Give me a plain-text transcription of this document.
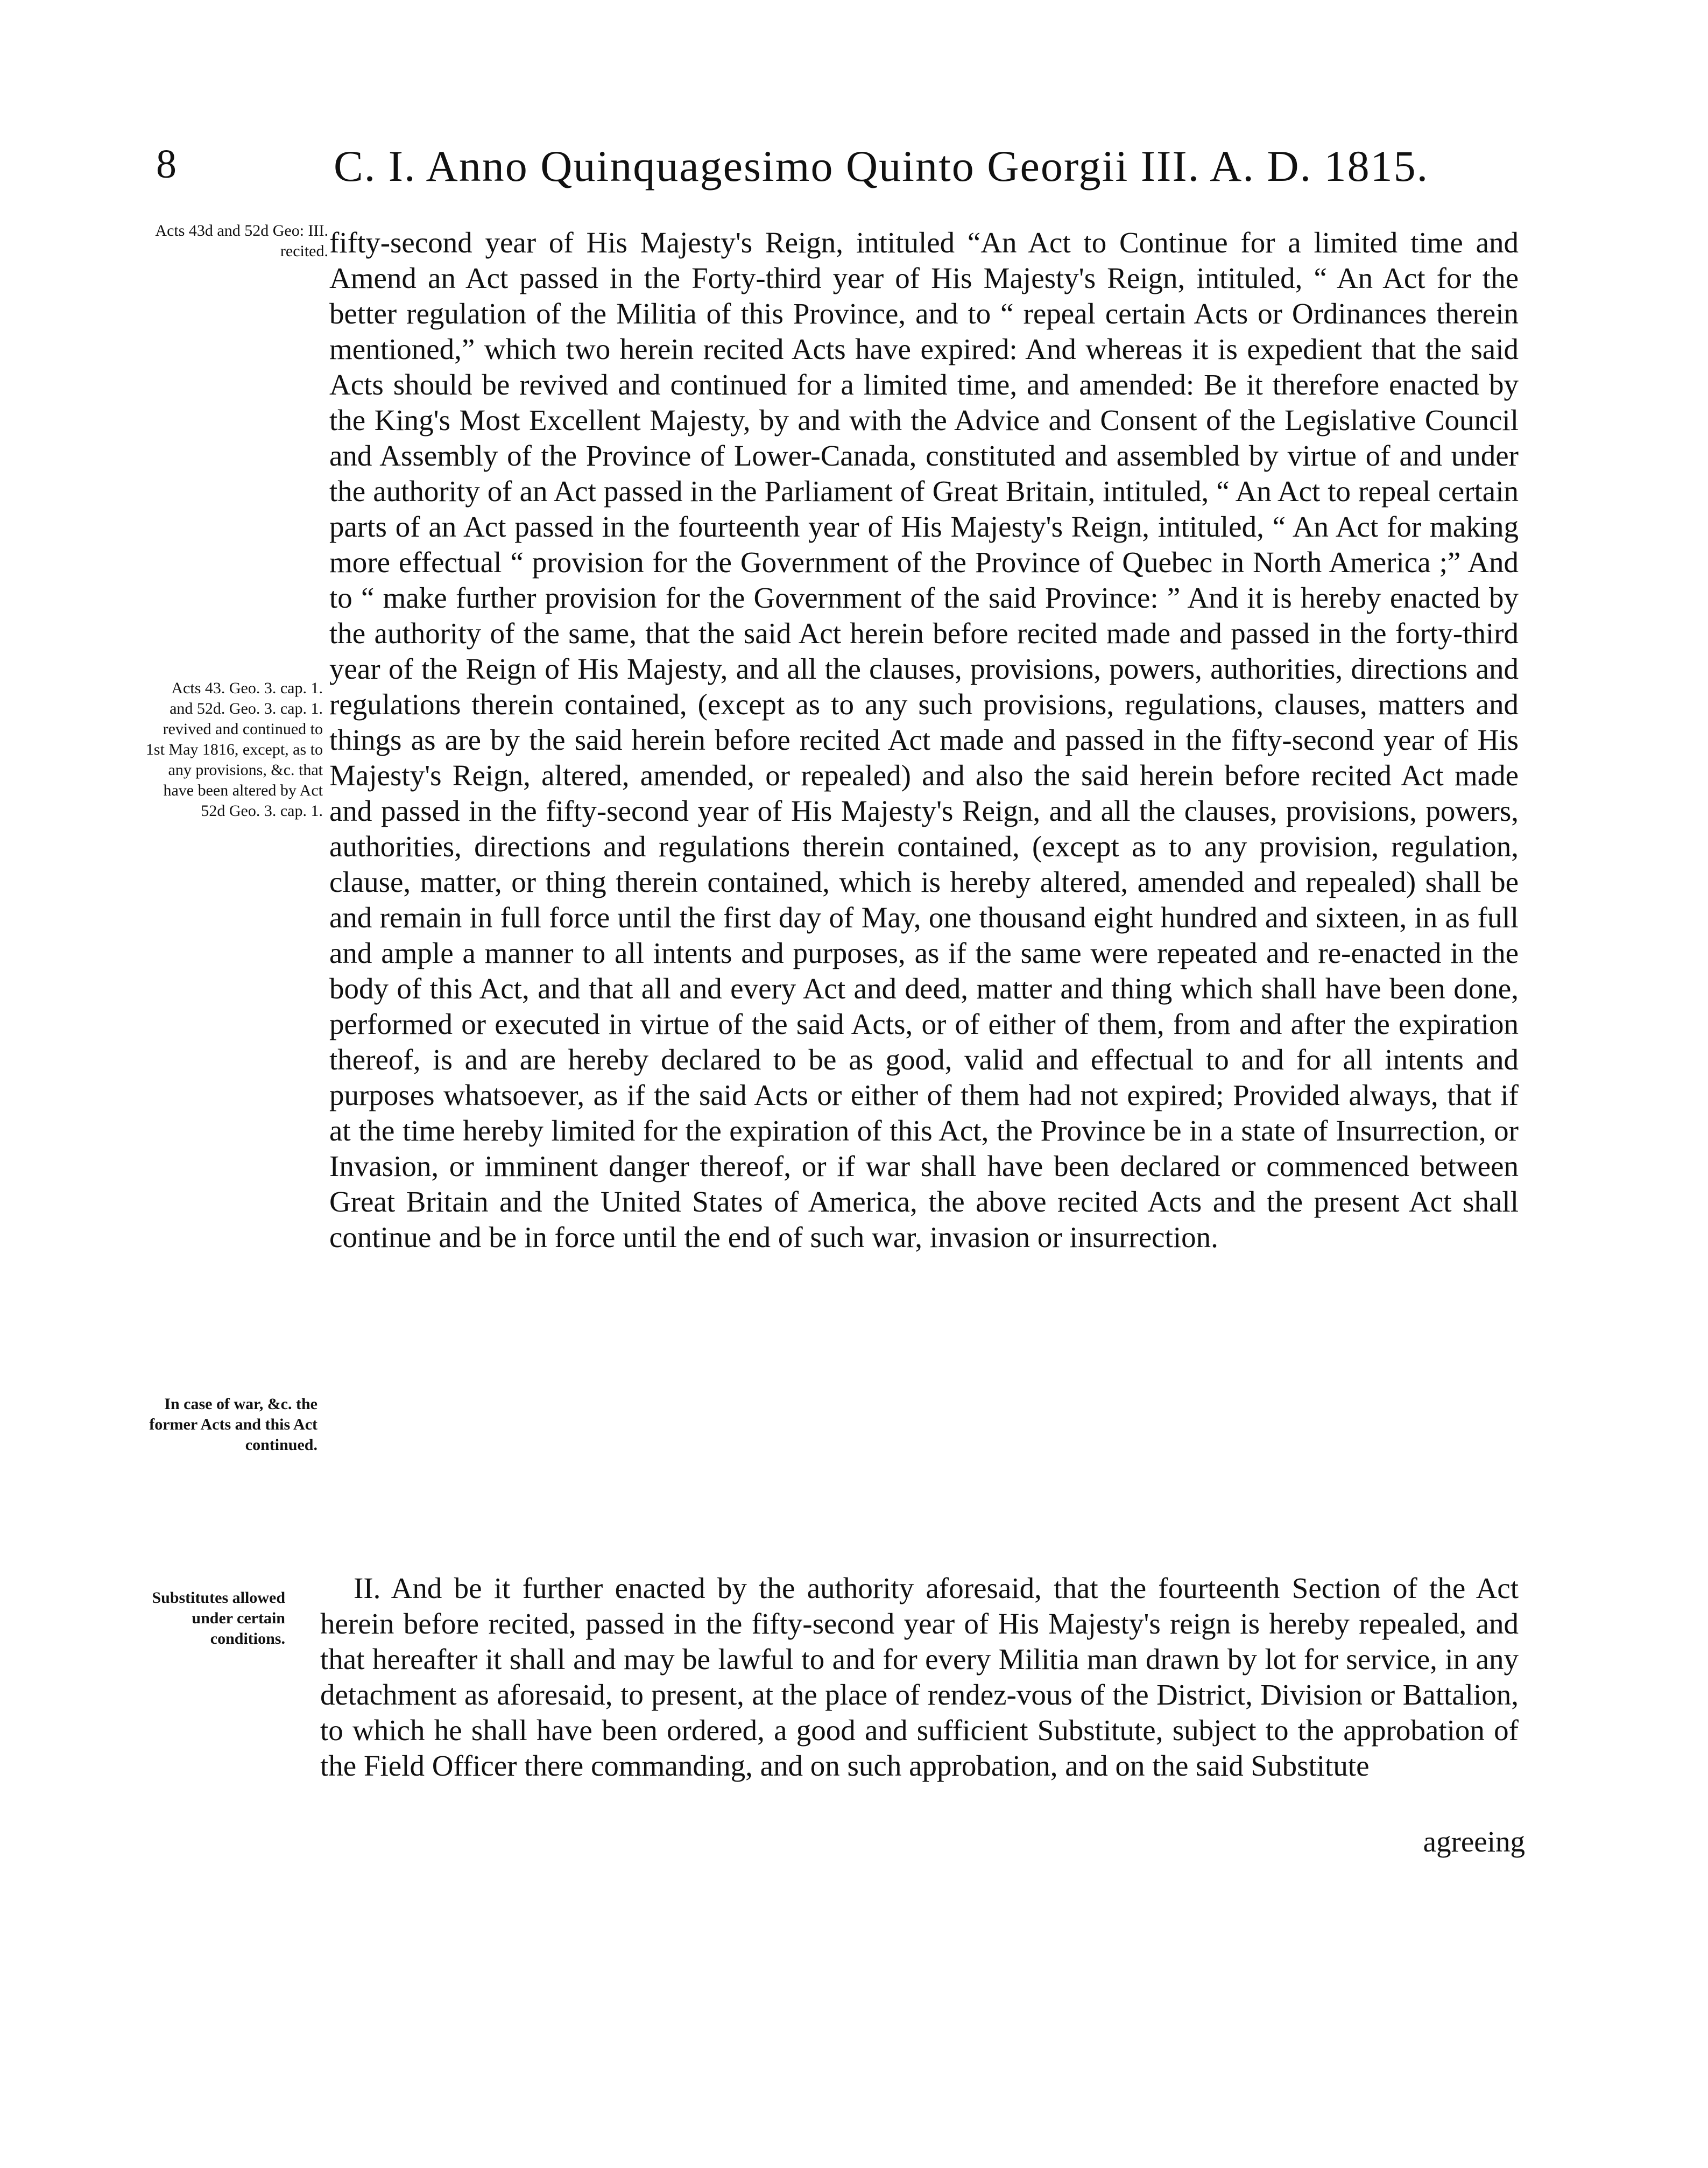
8	C. I. Anno Quinquagesimo Quinto Georgii III. A. D. 1815.
Acts 43d and 52d Geo: III. recited.
Acts 43. Geo. 3. cap. 1. and 52d. Geo. 3. cap. 1. revived and continued to 1st May 1816, except, as to any provisions, &c. that have been altered by Act 52d Geo. 3. cap. 1.
In case of war, &c. the former Acts and this Act continued.
Substitutes allowed under certain conditions.
fifty-second year of His Majesty's Reign, intituled “An Act to Continue for a limited time and Amend an Act passed in the Forty-third year of His Majesty's Reign, intituled, “ An Act for the better regulation of the Militia of this Province, and to “ repeal certain Acts or Ordinances therein mentioned,” which two herein recited Acts have expired: And whereas it is expedient that the said Acts should be revived and continued for a limited time, and amended: Be it therefore enacted by the King's Most Excellent Majesty, by and with the Advice and Consent of the Legislative Council and Assembly of the Province of Lower-Canada, constituted and assembled by virtue of and under the authority of an Act passed in the Parliament of Great Britain, intituled, “ An Act to repeal certain parts of an Act passed in the fourteenth year of His Majesty's Reign, intituled, “ An Act for making more effectual “ provision for the Government of the Province of Quebec in North America ;” And to “ make further provision for the Government of the said Province: ” And it is hereby enacted by the authority of the same, that the said Act herein before recited made and passed in the forty-third year of the Reign of His Majesty, and all the clauses, provisions, powers, authorities, directions and regulations therein contained, (except as to any such provisions, regulations, clauses, matters and things as are by the said herein before recited Act made and passed in the fifty-second year of His Majesty's Reign, altered, amended, or repealed) and also the said herein before recited Act made and passed in the fifty-second year of His Majesty's Reign, and all the clauses, provisions, powers, authorities, directions and regulations therein contained, (except as to any provision, regulation, clause, matter, or thing therein contained, which is hereby altered, amended and repealed) shall be and remain in full force until the first day of May, one thousand eight hundred and sixteen, in as full and ample a manner to all intents and purposes, as if the same were repeated and re-enacted in the body of this Act, and that all and every Act and deed, matter and thing which shall have been done, performed or executed in virtue of the said Acts, or of either of them, from and after the expiration thereof, is and are hereby declared to be as good, valid and effectual to and for all intents and purposes whatsoever, as if the said Acts or either of them had not expired; Provided always, that if at the time hereby limited for the expiration of this Act, the Province be in a state of Insurrection, or Invasion, or imminent danger thereof, or if war shall have been declared or commenced between Great Britain and the United States of America, the above recited Acts and the present Act shall continue and be in force until the end of such war, invasion or insurrection.
II. And be it further enacted by the authority aforesaid, that the fourteenth Section of the Act herein before recited, passed in the fifty-second year of His Majesty's reign is hereby repealed, and that hereafter it shall and may be lawful to and for every Militia man drawn by lot for service, in any detachment as aforesaid, to present, at the place of rendez-vous of the District, Division or Battalion, to which he shall have been ordered, a good and sufficient Substitute, subject to the approbation of the Field Officer there commanding, and on such approbation, and on the said Substitute
agreeing
